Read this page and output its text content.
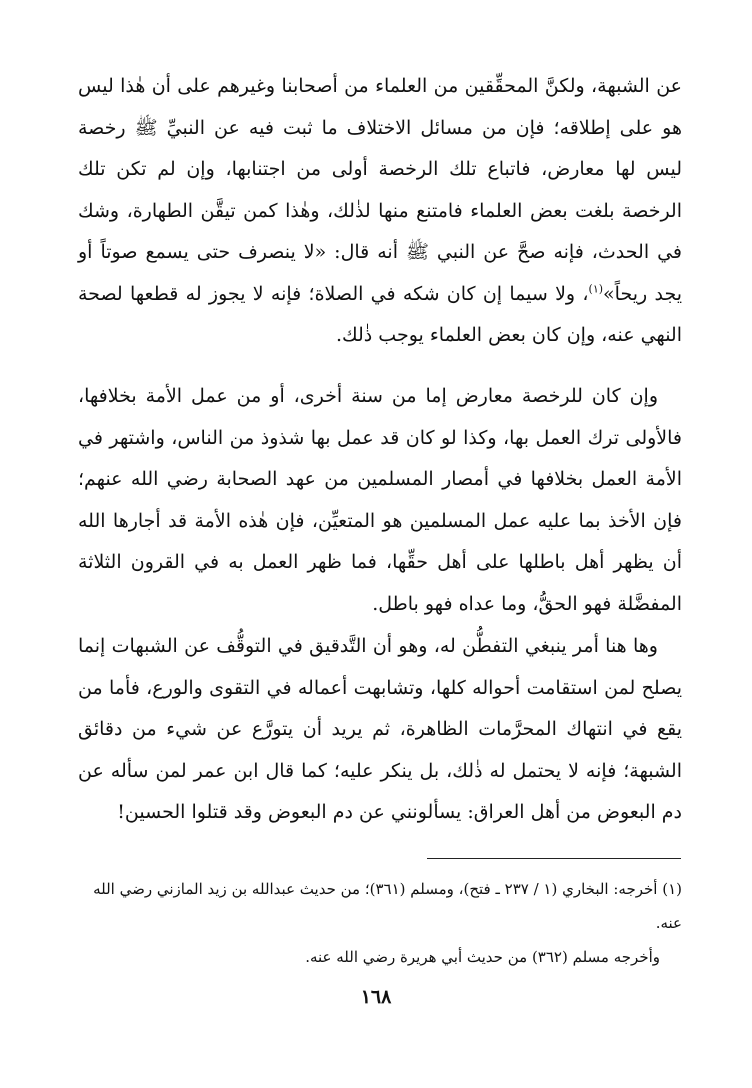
عن الشبهة، ولكنَّ المحقِّقين من العلماء من أصحابنا وغيرهم على أن هٰذا ليس هو على إطلاقه؛ فإن من مسائل الاختلاف ما ثبت فيه عن النبيِّ ﷺ رخصة ليس لها معارض، فاتباع تلك الرخصة أولى من اجتنابها، وإن لم تكن تلك الرخصة بلغت بعض العلماء فامتنع منها لذٰلك، وهٰذا كمن تيقَّن الطهارة، وشك في الحدث، فإنه صحَّ عن النبي ﷺ أنه قال: «لا ينصرف حتى يسمع صوتاً أو يجد ريحاً»$^{(١)}$، ولا سيما إن كان شكه في الصلاة؛ فإنه لا يجوز له قطعها لصحة النهي عنه، وإن كان بعض العلماء يوجب ذٰلك.

وإن كان للرخصة معارض إما من سنة أخرى، أو من عمل الأمة بخلافها، فالأولى ترك العمل بها، وكذا لو كان قد عمل بها شذوذ من الناس، واشتهر في الأمة العمل بخلافها في أمصار المسلمين من عهد الصحابة رضي الله عنهم؛ فإن الأخذ بما عليه عمل المسلمين هو المتعيِّن، فإن هٰذه الأمة قد أجارها الله أن يظهر أهل باطلها على أهل حقِّها، فما ظهر العمل به في القرون الثلاثة المفضَّلة فهو الحقُّ، وما عداه فهو باطل.

وها هنا أمر ينبغي التفطُّن له، وهو أن التَّدقيق في التوقُّف عن الشبهات إنما يصلح لمن استقامت أحواله كلها، وتشابهت أعماله في التقوى والورع، فأما من يقع في انتهاك المحرَّمات الظاهرة، ثم يريد أن يتورَّع عن شيء من دقائق الشبهة؛ فإنه لا يحتمل له ذٰلك، بل ينكر عليه؛ كما قال ابن عمر لمن سأله عن دم البعوض من أهل العراق: يسألونني عن دم البعوض وقد قتلوا الحسين!

(١) أخرجه: البخاري (١ / ٢٣٧ ـ فتح)، ومسلم (٣٦١)؛ من حديث عبدالله بن زيد المازني رضي الله عنه.

وأخرجه مسلم (٣٦٢) من حديث أبي هريرة رضي الله عنه.

١٦٨
